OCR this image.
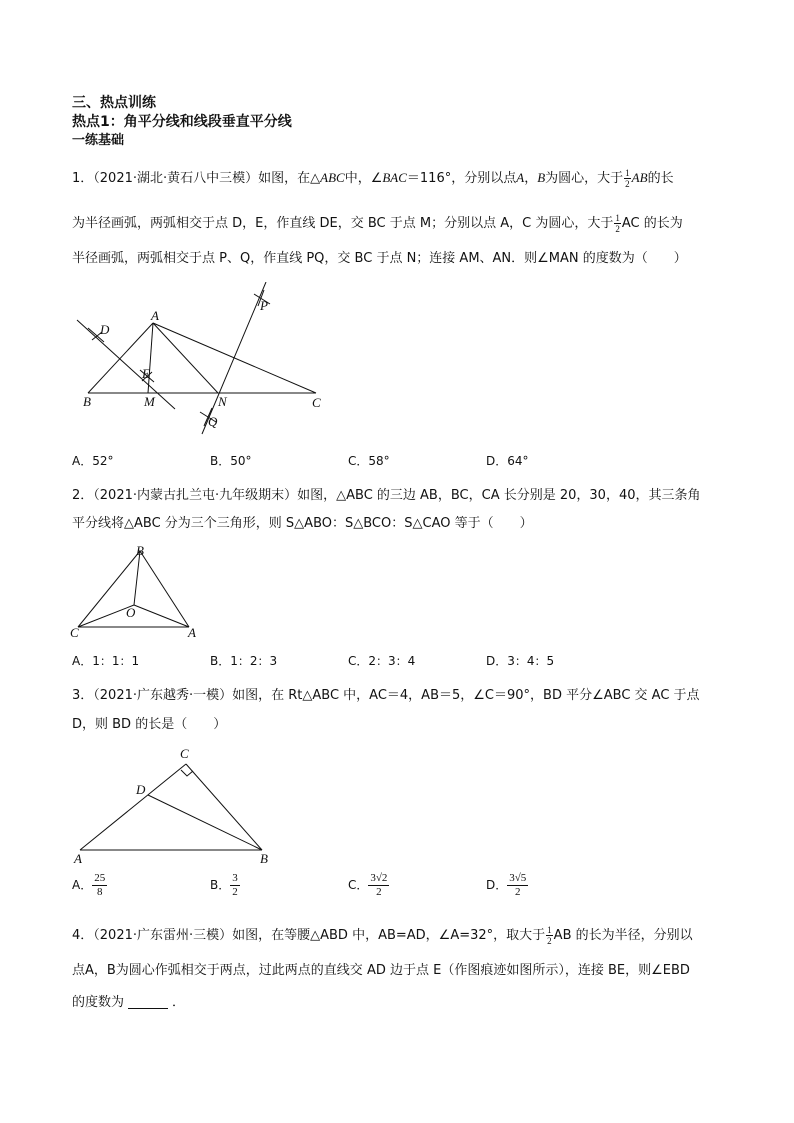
三、热点训练
热点1：角平分线和线段垂直平分线
一练基础
1．（2021·湖北·黄石八中三模）如图，在△ABC中，∠BAC＝116°，分别以点A，B为圆心，大于 $\frac{1}{2}$ AB的长
为半径画弧，两弧相交于点 D，E，作直线 DE，交 BC 于点 M；分别以点 A，C 为圆心，大于 $\frac{1}{2}$ AC 的长为
半径画弧，两弧相交于点 P、Q，作直线 PQ，交 BC 于点 N；连接 AM、AN．则∠MAN 的度数为（　　）
A
B	C
D
E
M	N
P
Q
A．52°	B．50°	C．58°	D．64°
2．（2021·内蒙古扎兰屯·九年级期末）如图，△ABC 的三边 AB，BC，CA 长分别是 20，30，40，其三条角
平分线将△ABC 分为三个三角形，则 S△ABO：S△BCO：S△CAO 等于（　　）
B
C	A
O
A．1：1：1	B．1：2：3	C．2：3：4	D．3：4：5
3．（2021·广东越秀·一模）如图，在 Rt△ABC 中，AC＝4，AB＝5，∠C＝90°，BD 平分∠ABC 交 AC 于点
D，则 BD 的长是（　　）
C
D
A	B
A． $\frac{25}{8}$	B． $\frac{3}{2}$	C． $\frac{3√2}{2}$	D． $\frac{3√5}{2}$
4．（2021·广东雷州·三模）如图，在等腰△ABD 中，AB=AD，∠A=32°，取大于 $\frac{1}{2}$ AB 的长为半径，分别以
点A，B为圆心作弧相交于两点，过此两点的直线交 AD 边于点 E（作图痕迹如图所示），连接 BE，则∠EBD
的度数为	．
